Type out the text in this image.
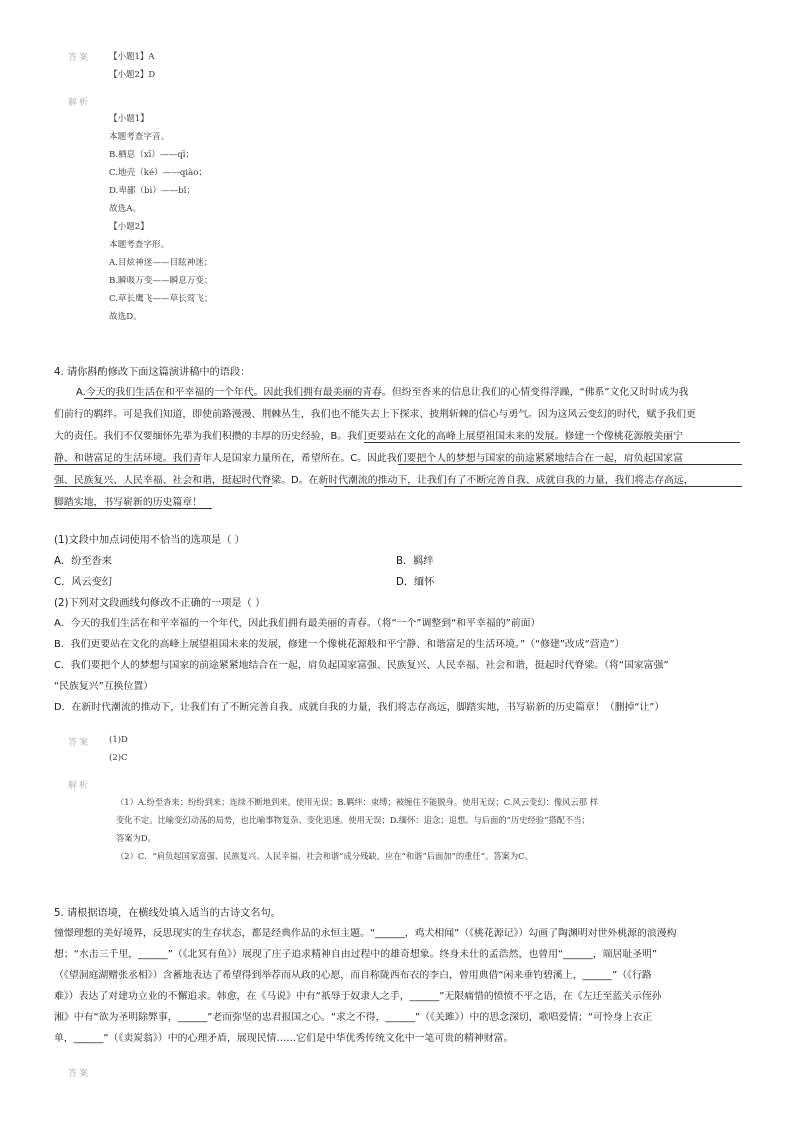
答案 【小题1】A
【小题2】D
解析
【小题1】
本题考查字音。
B.栖息（xī）——qī；
C.地壳（ké）——qiào；
D.卑鄙（bì）——bǐ；
故选A。
【小题2】
本题考查字形。
A.目炫神迷——目眩神迷；
B.瞬吸万变——瞬息万变；
C.草长鹰飞——草长莺飞；
故选D。
4. 请你斟酌修改下面这篇演讲稿中的语段：
A.今天的我们生活在和平幸福的一个年代。因此我们拥有最美丽的青春。但纷至沓来的信息让我们的心情变得浮躁，“佛系”文化又时时成为我
们前行的羁绊。可是我们知道，即使前路漫漫、荆棘丛生，我们也不能失去上下探求、披荆斩棘的信心与勇气。因为这风云变幻的时代，赋予我们更
大的责任。我们不仅要缅怀先辈为我们积攒的丰厚的历史经验，B。我们更要站在文化的高峰上展望祖国未来的发展。修建一个像桃花源般美丽宁
静、和谐富足的生活环境。我们青年人是国家力量所在，希望所在。C。因此我们要把个人的梦想与国家的前途紧紧地结合在一起，肩负起国家富
强、民族复兴、人民幸福、社会和谐，挺起时代脊梁。D。在新时代潮流的推动下，让我们有了不断完善自我、成就自我的力量，我们将志存高远，
脚踏实地，书写崭新的历史篇章！
(1)文段中加点词使用不恰当的选项是（ ）
A．纷至沓来	B．羁绊
C．风云变幻	D．缅怀
(2)下列对文段画线句修改不正确的一项是（ ）
A．今天的我们生活在和平幸福的一个年代，因此我们拥有最美丽的青春。（将“一个”调整到“和平幸福的”前面）
B．我们更要站在文化的高峰上展望祖国未来的发展，修建一个像桃花源般和平宁静、和谐富足的生活环境。”（“修建”改成“营造”）
C．我们要把个人的梦想与国家的前途紧紧地结合在一起，肩负起国家富强、民族复兴、人民幸福、社会和谐，挺起时代脊梁。（将“国家富强”
“民族复兴”互换位置）
D．在新时代潮流的推动下，让我们有了不断完善自我、成就自我的力量，我们将志存高远，脚踏实地，书写崭新的历史篇章！（删掉“让”）
答案 (1)D
(2)C
解析
（1）A.纷至沓来：纷纷到来；连续不断地到来。使用无误；B.羁绊：束缚；被缠住不能脱身。使用无误；C.风云变幻：像风云那 样
变化不定。比喻变幻动荡的局势，也比喻事物复杂、变化迅速。使用无误；D.缅怀：追念；追想。与后面的“历史经验”搭配不当；
答案为D。
（2）C．“肩负起国家富强、民族复兴、人民幸福、社会和谐”成分残缺，应在“和谐”后面加“的重任”。答案为C。
5. 请根据语境，在横线处填入适当的古诗文名句。
憧憬理想的美好境界，反思现实的生存状态，都是经典作品的永恒主题。“______，鸡犬相闻”（《桃花源记》）勾画了陶渊明对世外桃源的浪漫构
想；“水击三千里，______”（《北冥有鱼》）展现了庄子追求精神自由过程中的雄奇想象。终身未仕的孟浩然，也曾用“______，端居耻圣明”
（《望洞庭湖赠张丞相》）含蓄地表达了希望得到举荐而从政的心愿，而自称陇西布衣的李白，曾用典借“闲来垂钓碧溪上，______”（《行路
难》）表达了对建功立业的不懈追求。韩愈，在《马说》中有“祇辱于奴隶人之手，______”无限痛惜的愤愤不平之语，在《左迁至蓝关示侄孙
湘》中有“欲为圣明除弊事，______”老而弥坚的忠君报国之心。“求之不得，______”（《关雎》）中的思念深切，歌唱爱情；“可怜身上衣正
单，______”（《卖炭翁》）中的心理矛盾，展现民情……它们是中华优秀传统文化中一笔可贵的精神财富。
答案
